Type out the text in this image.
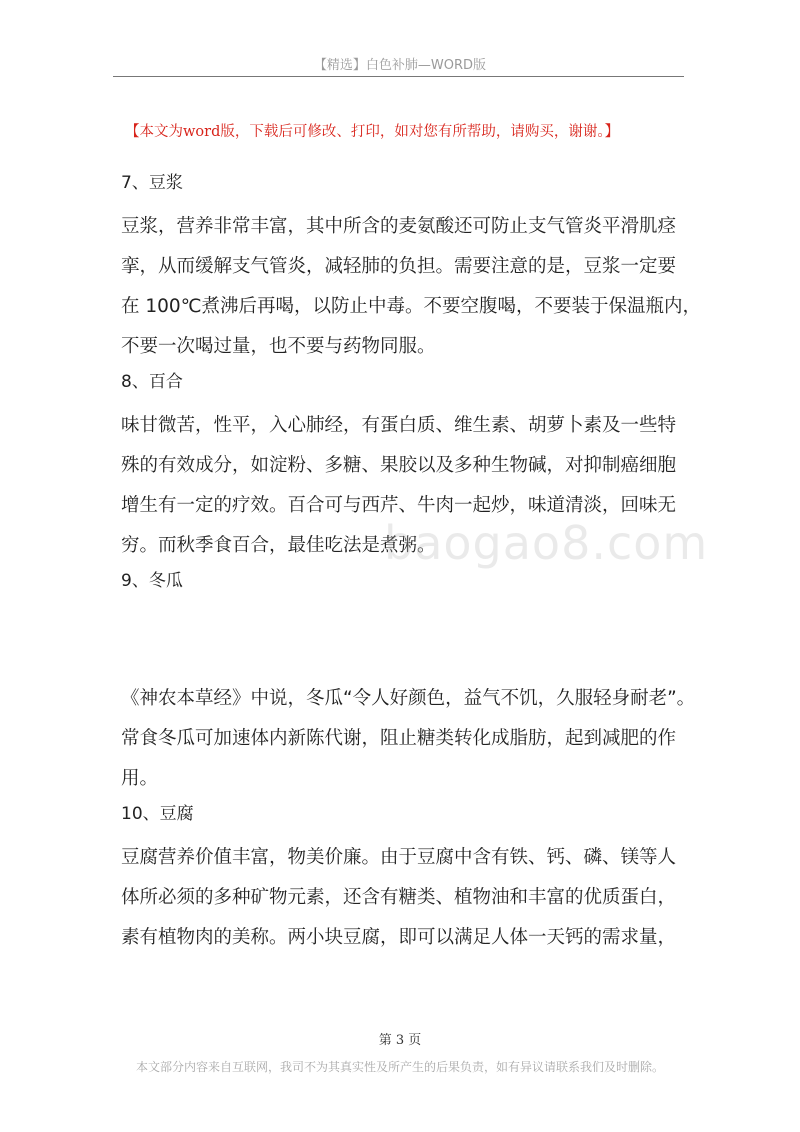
【精选】白色补肺—WORD版
【本文为word版，下载后可修改、打印，如对您有所帮助，请购买，谢谢。】
7、豆浆
豆浆，营养非常丰富，其中所含的麦氨酸还可防止支气管炎平滑肌痉
挛，从而缓解支气管炎，减轻肺的负担。需要注意的是，豆浆一定要
在 100℃煮沸后再喝，以防止中毒。不要空腹喝，不要装于保温瓶内，
不要一次喝过量，也不要与药物同服。
8、百合
味甘微苦，性平，入心肺经，有蛋白质、维生素、胡萝卜素及一些特
殊的有效成分，如淀粉、多糖、果胶以及多种生物碱，对抑制癌细胞
增生有一定的疗效。百合可与西芹、牛肉一起炒，味道清淡，回味无
穷。而秋季食百合，最佳吃法是煮粥。
9、冬瓜
《神农本草经》中说，冬瓜“令人好颜色，益气不饥，久服轻身耐老”。
常食冬瓜可加速体内新陈代谢，阻止糖类转化成脂肪，起到减肥的作
用。
10、豆腐
豆腐营养价值丰富，物美价廉。由于豆腐中含有铁、钙、磷、镁等人
体所必须的多种矿物元素，还含有糖类、植物油和丰富的优质蛋白，
素有植物肉的美称。两小块豆腐，即可以满足人体一天钙的需求量，
baogao8.com
第 3 页
本文部分内容来自互联网，我司不为其真实性及所产生的后果负责，如有异议请联系我们及时删除。
